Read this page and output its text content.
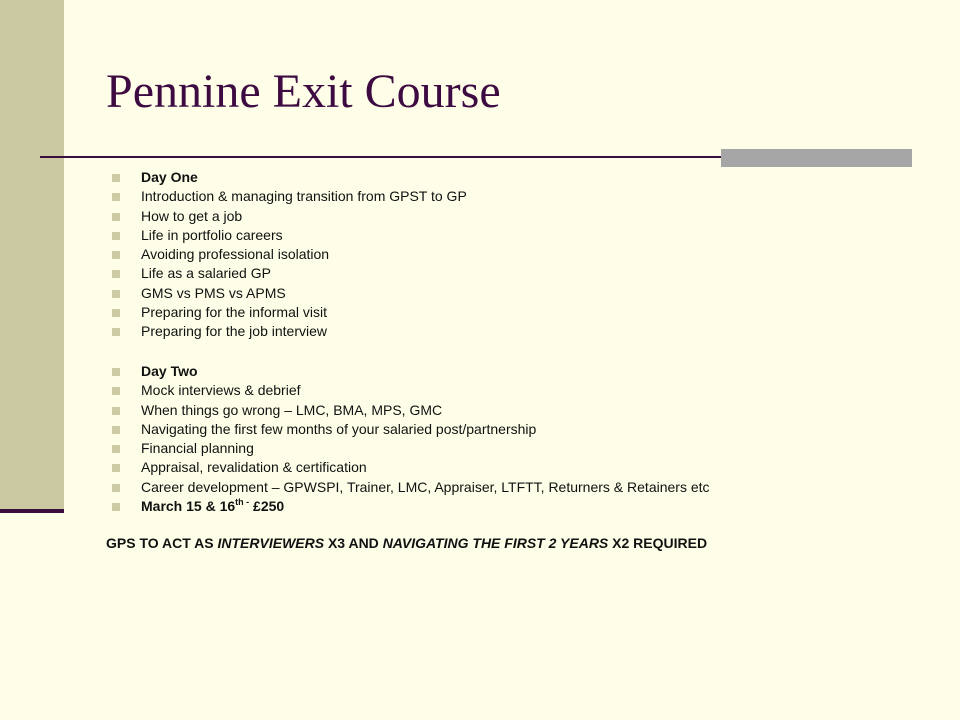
Pennine Exit Course
Day One
Introduction & managing transition from GPST to GP
How to get a job
Life in portfolio careers
Avoiding professional isolation
Life as a salaried GP
GMS vs PMS vs APMS
Preparing for the informal visit
Preparing for the job interview
Day Two
Mock interviews & debrief
When things go wrong – LMC, BMA, MPS, GMC
Navigating the first few months of your salaried post/partnership
Financial planning
Appraisal, revalidation & certification
Career development – GPWSPI, Trainer, LMC, Appraiser, LTFTT, Returners & Retainers etc
March 15 & $16^{th -}$ £250

GPS TO ACT AS INTERVIEWERS X3 AND NAVIGATING THE FIRST 2 YEARS X2 REQUIRED
